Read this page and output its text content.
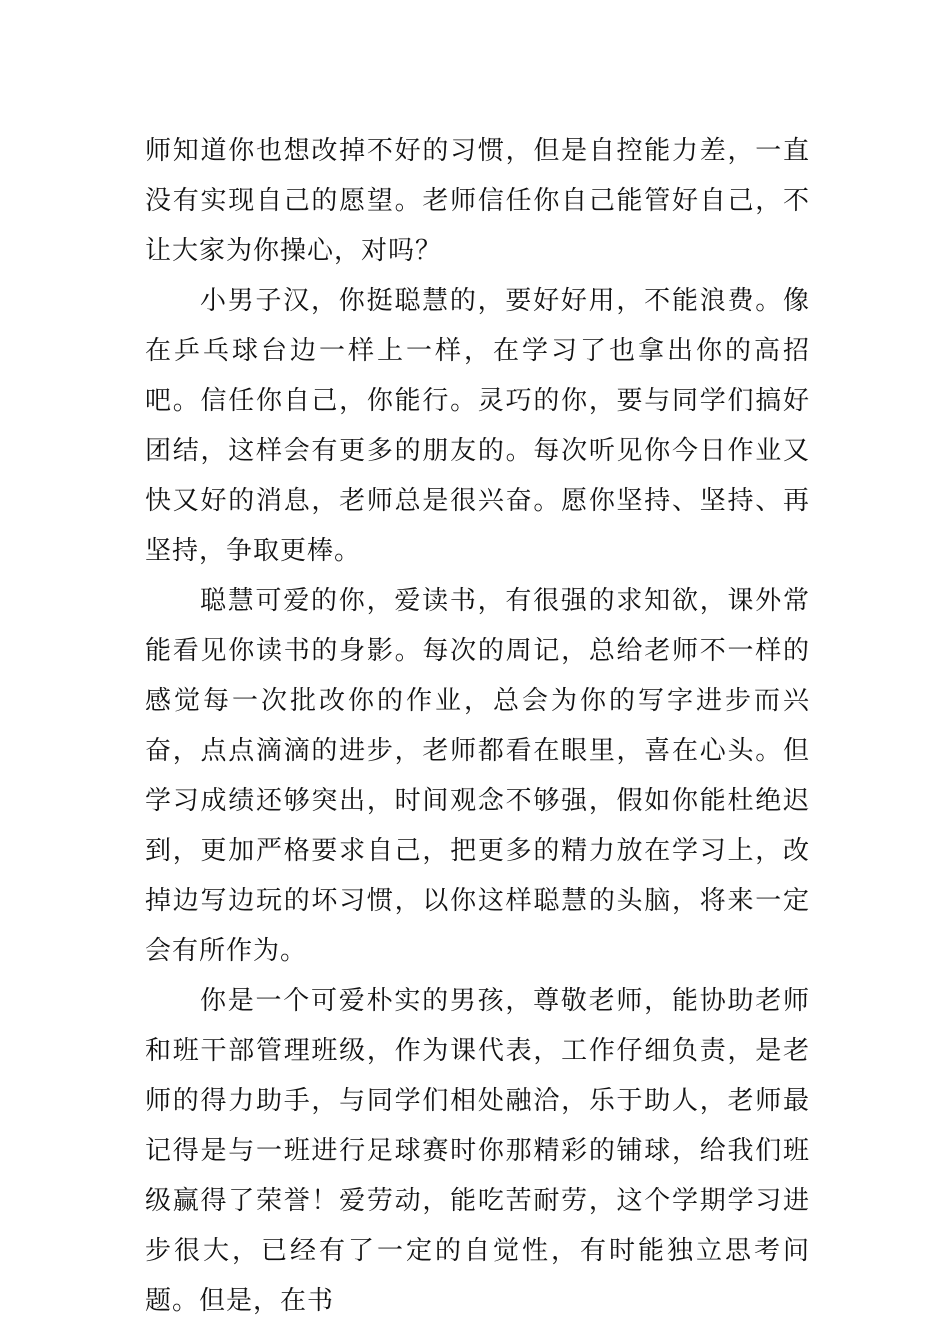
师知道你也想改掉不好的习惯，但是自控能力差，一直没有实现自己的愿望。老师信任你自己能管好自己，不让大家为你操心，对吗？

小男子汉，你挺聪慧的，要好好用，不能浪费。像在乒乓球台边一样上一样，在学习了也拿出你的高招吧。信任你自己，你能行。灵巧的你，要与同学们搞好团结，这样会有更多的朋友的。每次听见你今日作业又快又好的消息，老师总是很兴奋。愿你坚持、坚持、再坚持，争取更棒。

聪慧可爱的你，爱读书，有很强的求知欲，课外常能看见你读书的身影。每次的周记，总给老师不一样的感觉每一次批改你的作业，总会为你的写字进步而兴奋，点点滴滴的进步，老师都看在眼里，喜在心头。但学习成绩还够突出，时间观念不够强，假如你能杜绝迟到，更加严格要求自己，把更多的精力放在学习上，改掉边写边玩的坏习惯，以你这样聪慧的头脑，将来一定会有所作为。

你是一个可爱朴实的男孩，尊敬老师，能协助老师和班干部管理班级，作为课代表，工作仔细负责，是老师的得力助手，与同学们相处融洽，乐于助人，老师最记得是与一班进行足球赛时你那精彩的铺球，给我们班级赢得了荣誉！爱劳动，能吃苦耐劳，这个学期学习进步很大，已经有了一定的自觉性，有时能独立思考问题。但是，在书
